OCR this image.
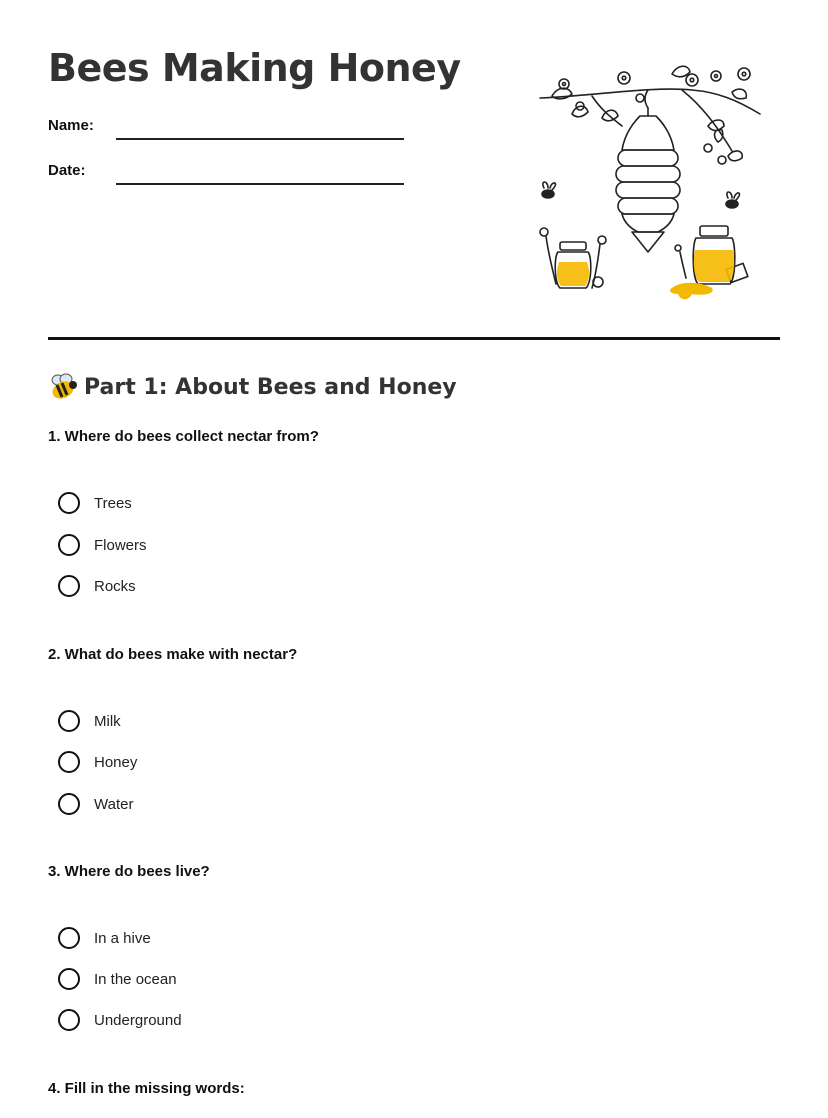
Bees Making Honey
Name:
Date:
Part 1: About Bees and Honey
1. Where do bees collect nectar from?
Trees
Flowers
Rocks
2. What do bees make with nectar?
Milk
Honey
Water
3. Where do bees live?
In a hive
In the ocean
Underground
4. Fill in the missing words:
